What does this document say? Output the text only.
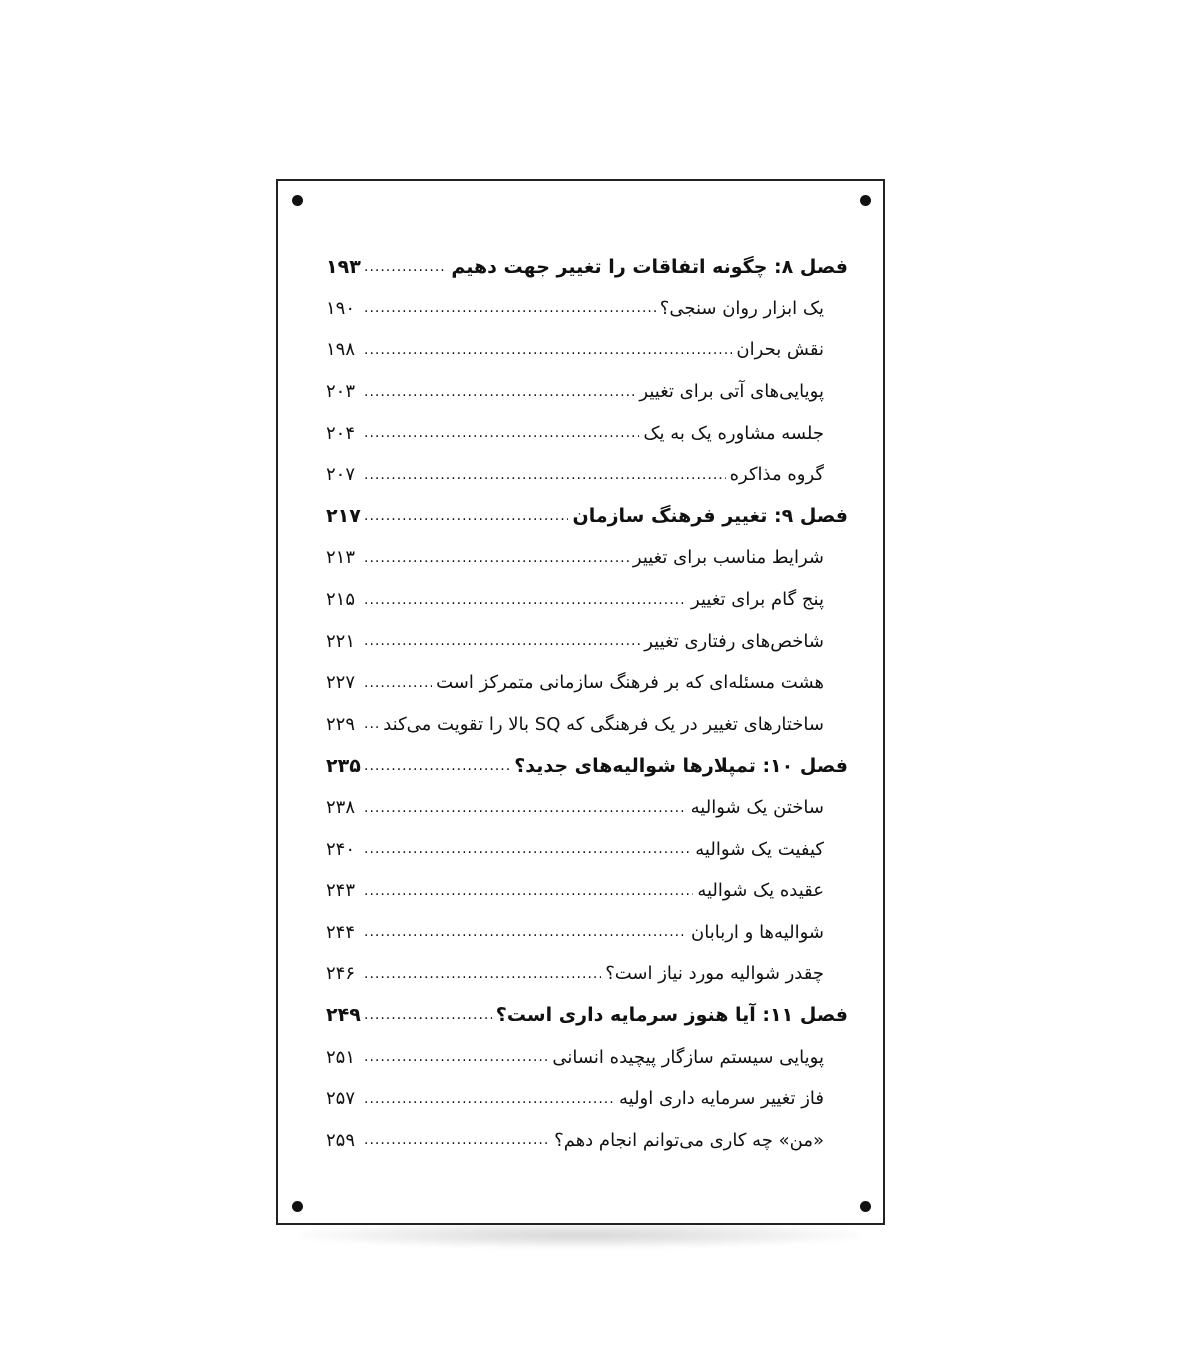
فصل ۸: چگونه اتفاقات را تغییر جهت دهیم
.....
۱۹۳
یک ابزار روان سنجی؟
.....
۱۹۰
نقش بحران
.....
۱۹۸
پویایی‌های آتی برای تغییر
.....
۲۰۳
جلسه مشاوره یک به یک
.....
۲۰۴
گروه مذاکره
.....
۲۰۷
فصل ۹: تغییر فرهنگ سازمان
.....
۲۱۷
شرایط مناسب برای تغییر
.....
۲۱۳
پنج گام برای تغییر
.....
۲۱۵
شاخص‌های رفتاری تغییر
.....
۲۲۱
هشت مسئله‌ای که بر فرهنگ سازمانی متمرکز است
.....
۲۲۷
ساختارهای تغییر در یک فرهنگی که SQ بالا را تقویت می‌کند
.....
۲۲۹
فصل ۱۰: تمپلارها شوالیه‌های جدید؟
.....
۲۳۵
ساختن یک شوالیه
.....
۲۳۸
کیفیت یک شوالیه
.....
۲۴۰
عقیده یک شوالیه
.....
۲۴۳
شوالیه‌ها و اربابان
.....
۲۴۴
چقدر شوالیه مورد نیاز است؟
.....
۲۴۶
فصل ۱۱: آیا هنوز سرمایه داری است؟
.....
۲۴۹
پویایی سیستم سازگار پیچیده انسانی
.....
۲۵۱
فاز تغییر سرمایه داری اولیه
.....
۲۵۷
«من» چه کاری می‌توانم انجام دهم؟
.....
۲۵۹
